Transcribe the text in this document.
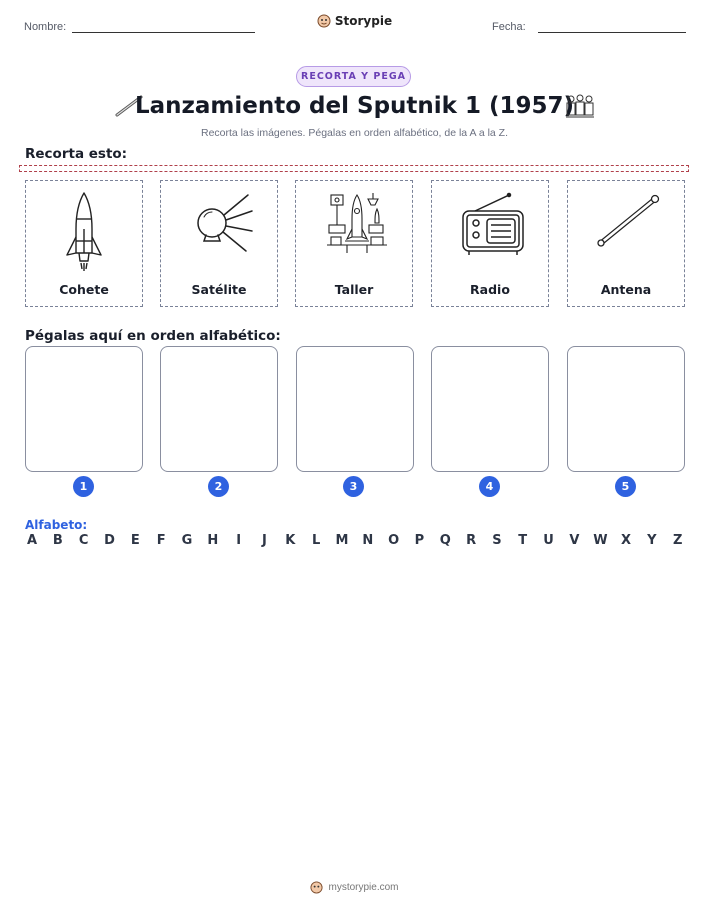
Nombre:	Storypie	Fecha:
RECORTA Y PEGA
Lanzamiento del Sputnik 1 (1957)
Recorta las imágenes. Pégalas en orden alfabético, de la A a la Z.
Recorta esto:
Cohete	Satélite	Taller	Radio	Antena
Pégalas aquí en orden alfabético:
1	2	3	4	5
Alfabeto:
A B C D E F G H	I	J	K L M N O P Q R S T U V W X Y Z
mystorypie.com
